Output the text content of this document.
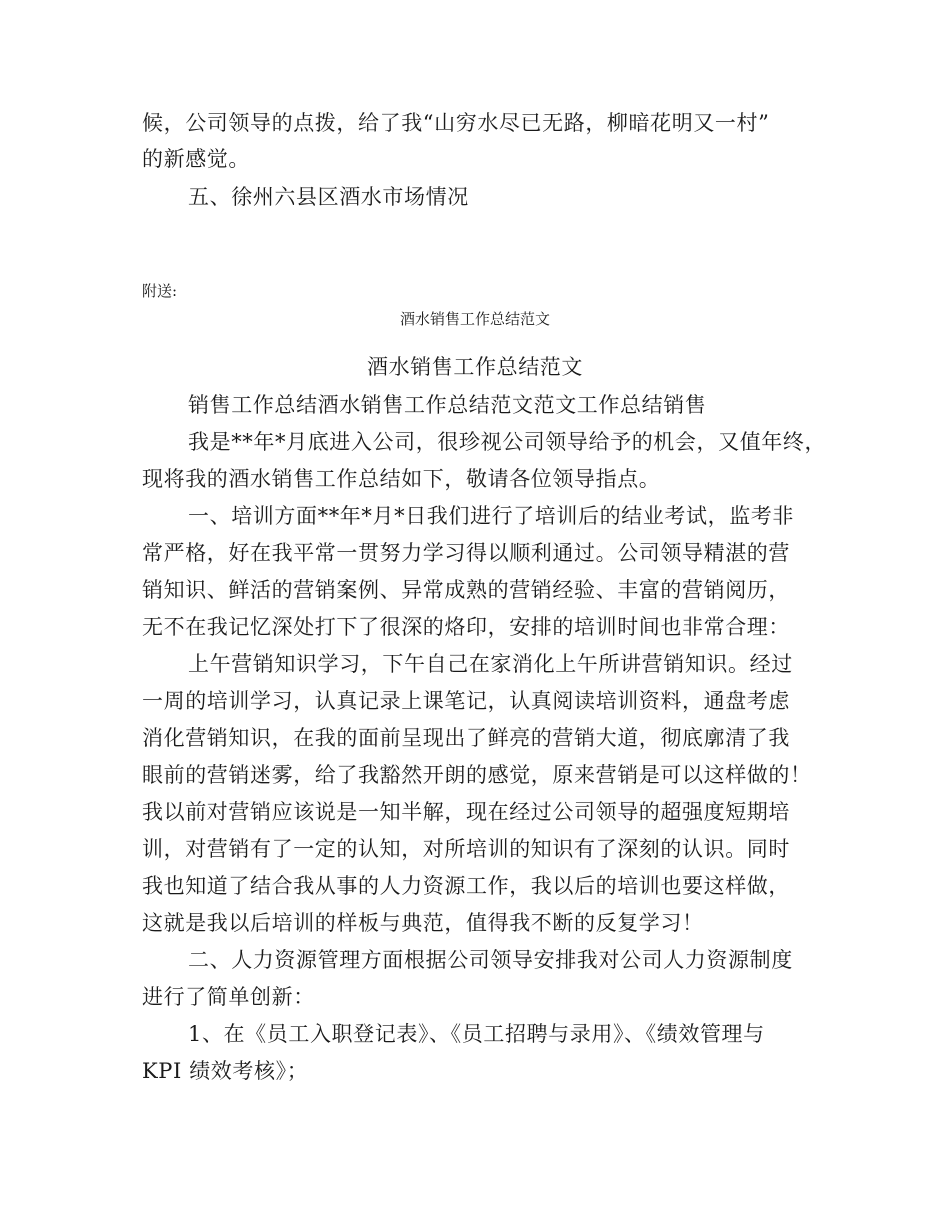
候，公司领导的点拨，给了我“山穷水尽已无路，柳暗花明又一村”
的新感觉。
五、徐州六县区酒水市场情况
附送:
酒水销售工作总结范文
酒水销售工作总结范文
销售工作总结酒水销售工作总结范文范文工作总结销售
我是**年*月底进入公司，很珍视公司领导给予的机会，又值年终，
现将我的酒水销售工作总结如下，敬请各位领导指点。
一、培训方面**年*月*日我们进行了培训后的结业考试，监考非
常严格，好在我平常一贯努力学习得以顺利通过。公司领导精湛的营
销知识、鲜活的营销案例、异常成熟的营销经验、丰富的营销阅历，
无不在我记忆深处打下了很深的烙印，安排的培训时间也非常合理：
上午营销知识学习，下午自己在家消化上午所讲营销知识。经过
一周的培训学习，认真记录上课笔记，认真阅读培训资料，通盘考虑
消化营销知识，在我的面前呈现出了鲜亮的营销大道，彻底廓清了我
眼前的营销迷雾，给了我豁然开朗的感觉，原来营销是可以这样做的！
我以前对营销应该说是一知半解，现在经过公司领导的超强度短期培
训，对营销有了一定的认知，对所培训的知识有了深刻的认识。同时
我也知道了结合我从事的人力资源工作，我以后的培训也要这样做，
这就是我以后培训的样板与典范，值得我不断的反复学习！
二、人力资源管理方面根据公司领导安排我对公司人力资源制度
进行了简单创新：
1、在《员工入职登记表》、《员工招聘与录用》、《绩效管理与
KPI 绩效考核》；
